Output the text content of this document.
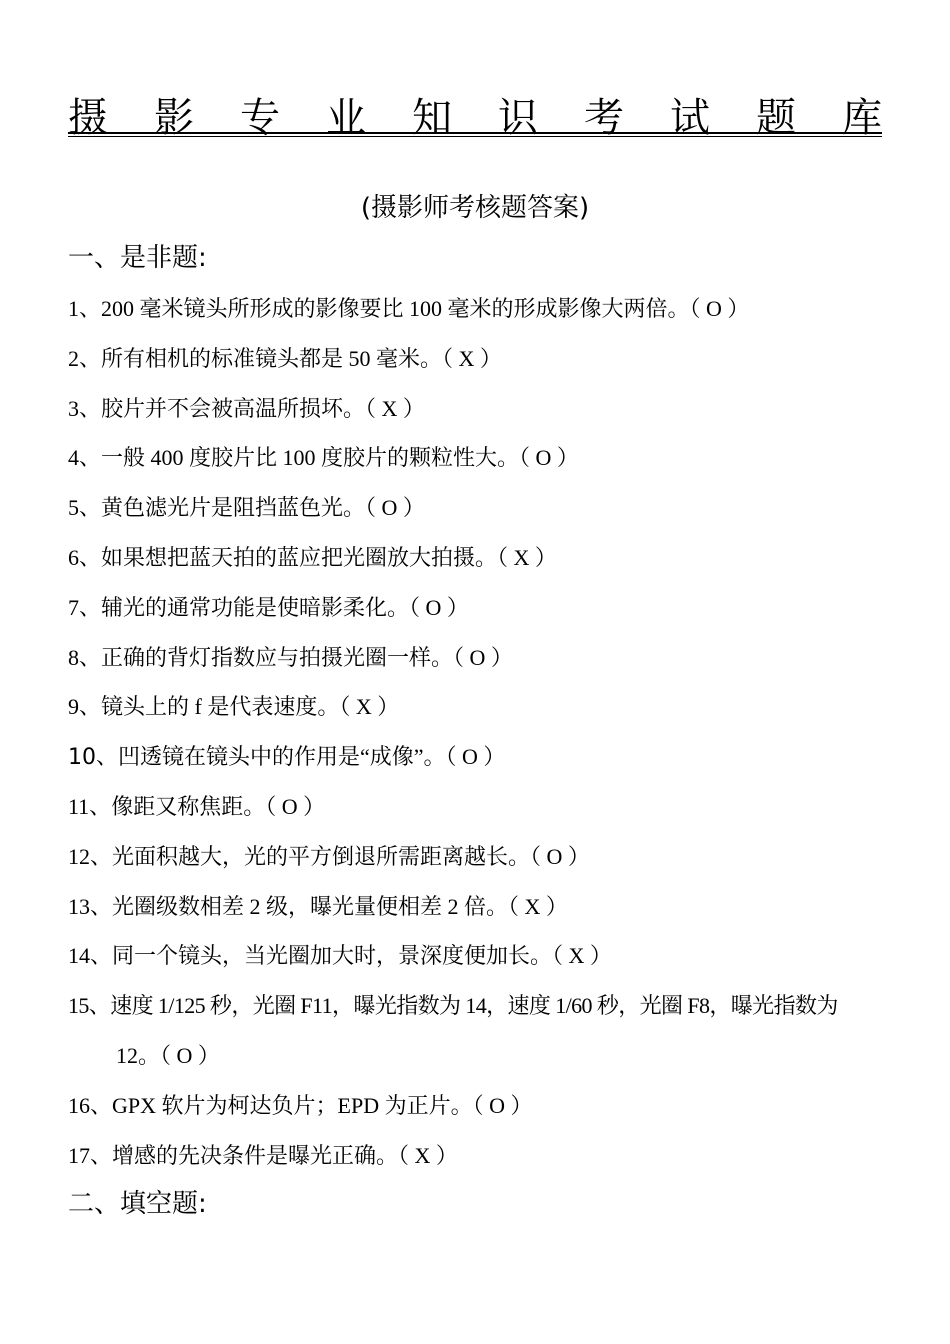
摄 影 专 业 知 识 考 试 题 库
(摄影师考核题答案)
一、是非题:
1、200 毫米镜头所形成的影像要比 100 毫米的形成影像大两倍。（ O ）
2、所有相机的标准镜头都是 50 毫米。（ X ）
3、胶片并不会被高温所损坏。（ X ）
4、一般 400 度胶片比 100 度胶片的颗粒性大。（ O ）
5、黄色滤光片是阻挡蓝色光。（ O ）
6、如果想把蓝天拍的蓝应把光圈放大拍摄。（ X ）
7、辅光的通常功能是使暗影柔化。（ O ）
8、正确的背灯指数应与拍摄光圈一样。（ O ）
9、镜头上的 f 是代表速度。（ X ）
10、凹透镜在镜头中的作用是“成像”。（ O ）
11、像距又称焦距。（ O ）
12、光面积越大，光的平方倒退所需距离越长。（ O ）
13、光圈级数相差 2 级，曝光量便相差 2 倍。（ X ）
14、同一个镜头，当光圈加大时，景深度便加长。（ X ）
15、速度 1/125 秒，光圈 F11，曝光指数为 14，速度 1/60 秒，光圈 F8，曝光指数为
12。（ O ）
16、GPX 软片为柯达负片；EPD 为正片。（ O ）
17、增感的先决条件是曝光正确。（ X ）
二、填空题:
